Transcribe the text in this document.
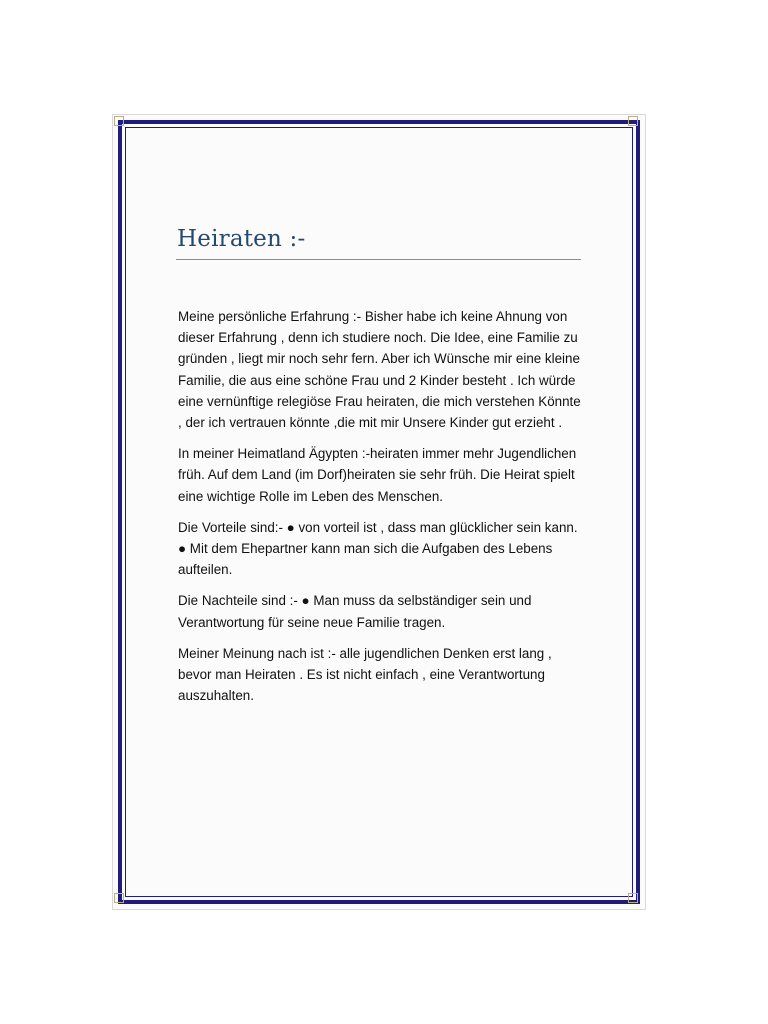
Heiraten :-

Meine persönliche Erfahrung :- Bisher habe ich keine Ahnung von dieser Erfahrung , denn ich studiere noch. Die Idee, eine Familie zu gründen , liegt mir noch sehr fern. Aber ich Wünsche mir eine kleine Familie, die aus eine schöne Frau und 2 Kinder besteht . Ich würde eine vernünftige relegiöse Frau heiraten, die mich verstehen Könnte , der ich vertrauen könnte ,die mit mir Unsere Kinder gut erzieht .

In meiner Heimatland Ägypten :-heiraten immer mehr Jugendlichen früh. Auf dem Land (im Dorf)heiraten sie sehr früh. Die Heirat spielt eine wichtige Rolle im Leben des Menschen.

Die Vorteile sind:- ● von vorteil ist , dass man glücklicher sein kann. ● Mit dem Ehepartner kann man sich die Aufgaben des Lebens aufteilen.

Die Nachteile sind :- ● Man muss da selbständiger sein und Verantwortung für seine neue Familie tragen.

Meiner Meinung nach ist :- alle jugendlichen Denken erst lang , bevor man Heiraten . Es ist nicht einfach , eine Verantwortung auszuhalten.
